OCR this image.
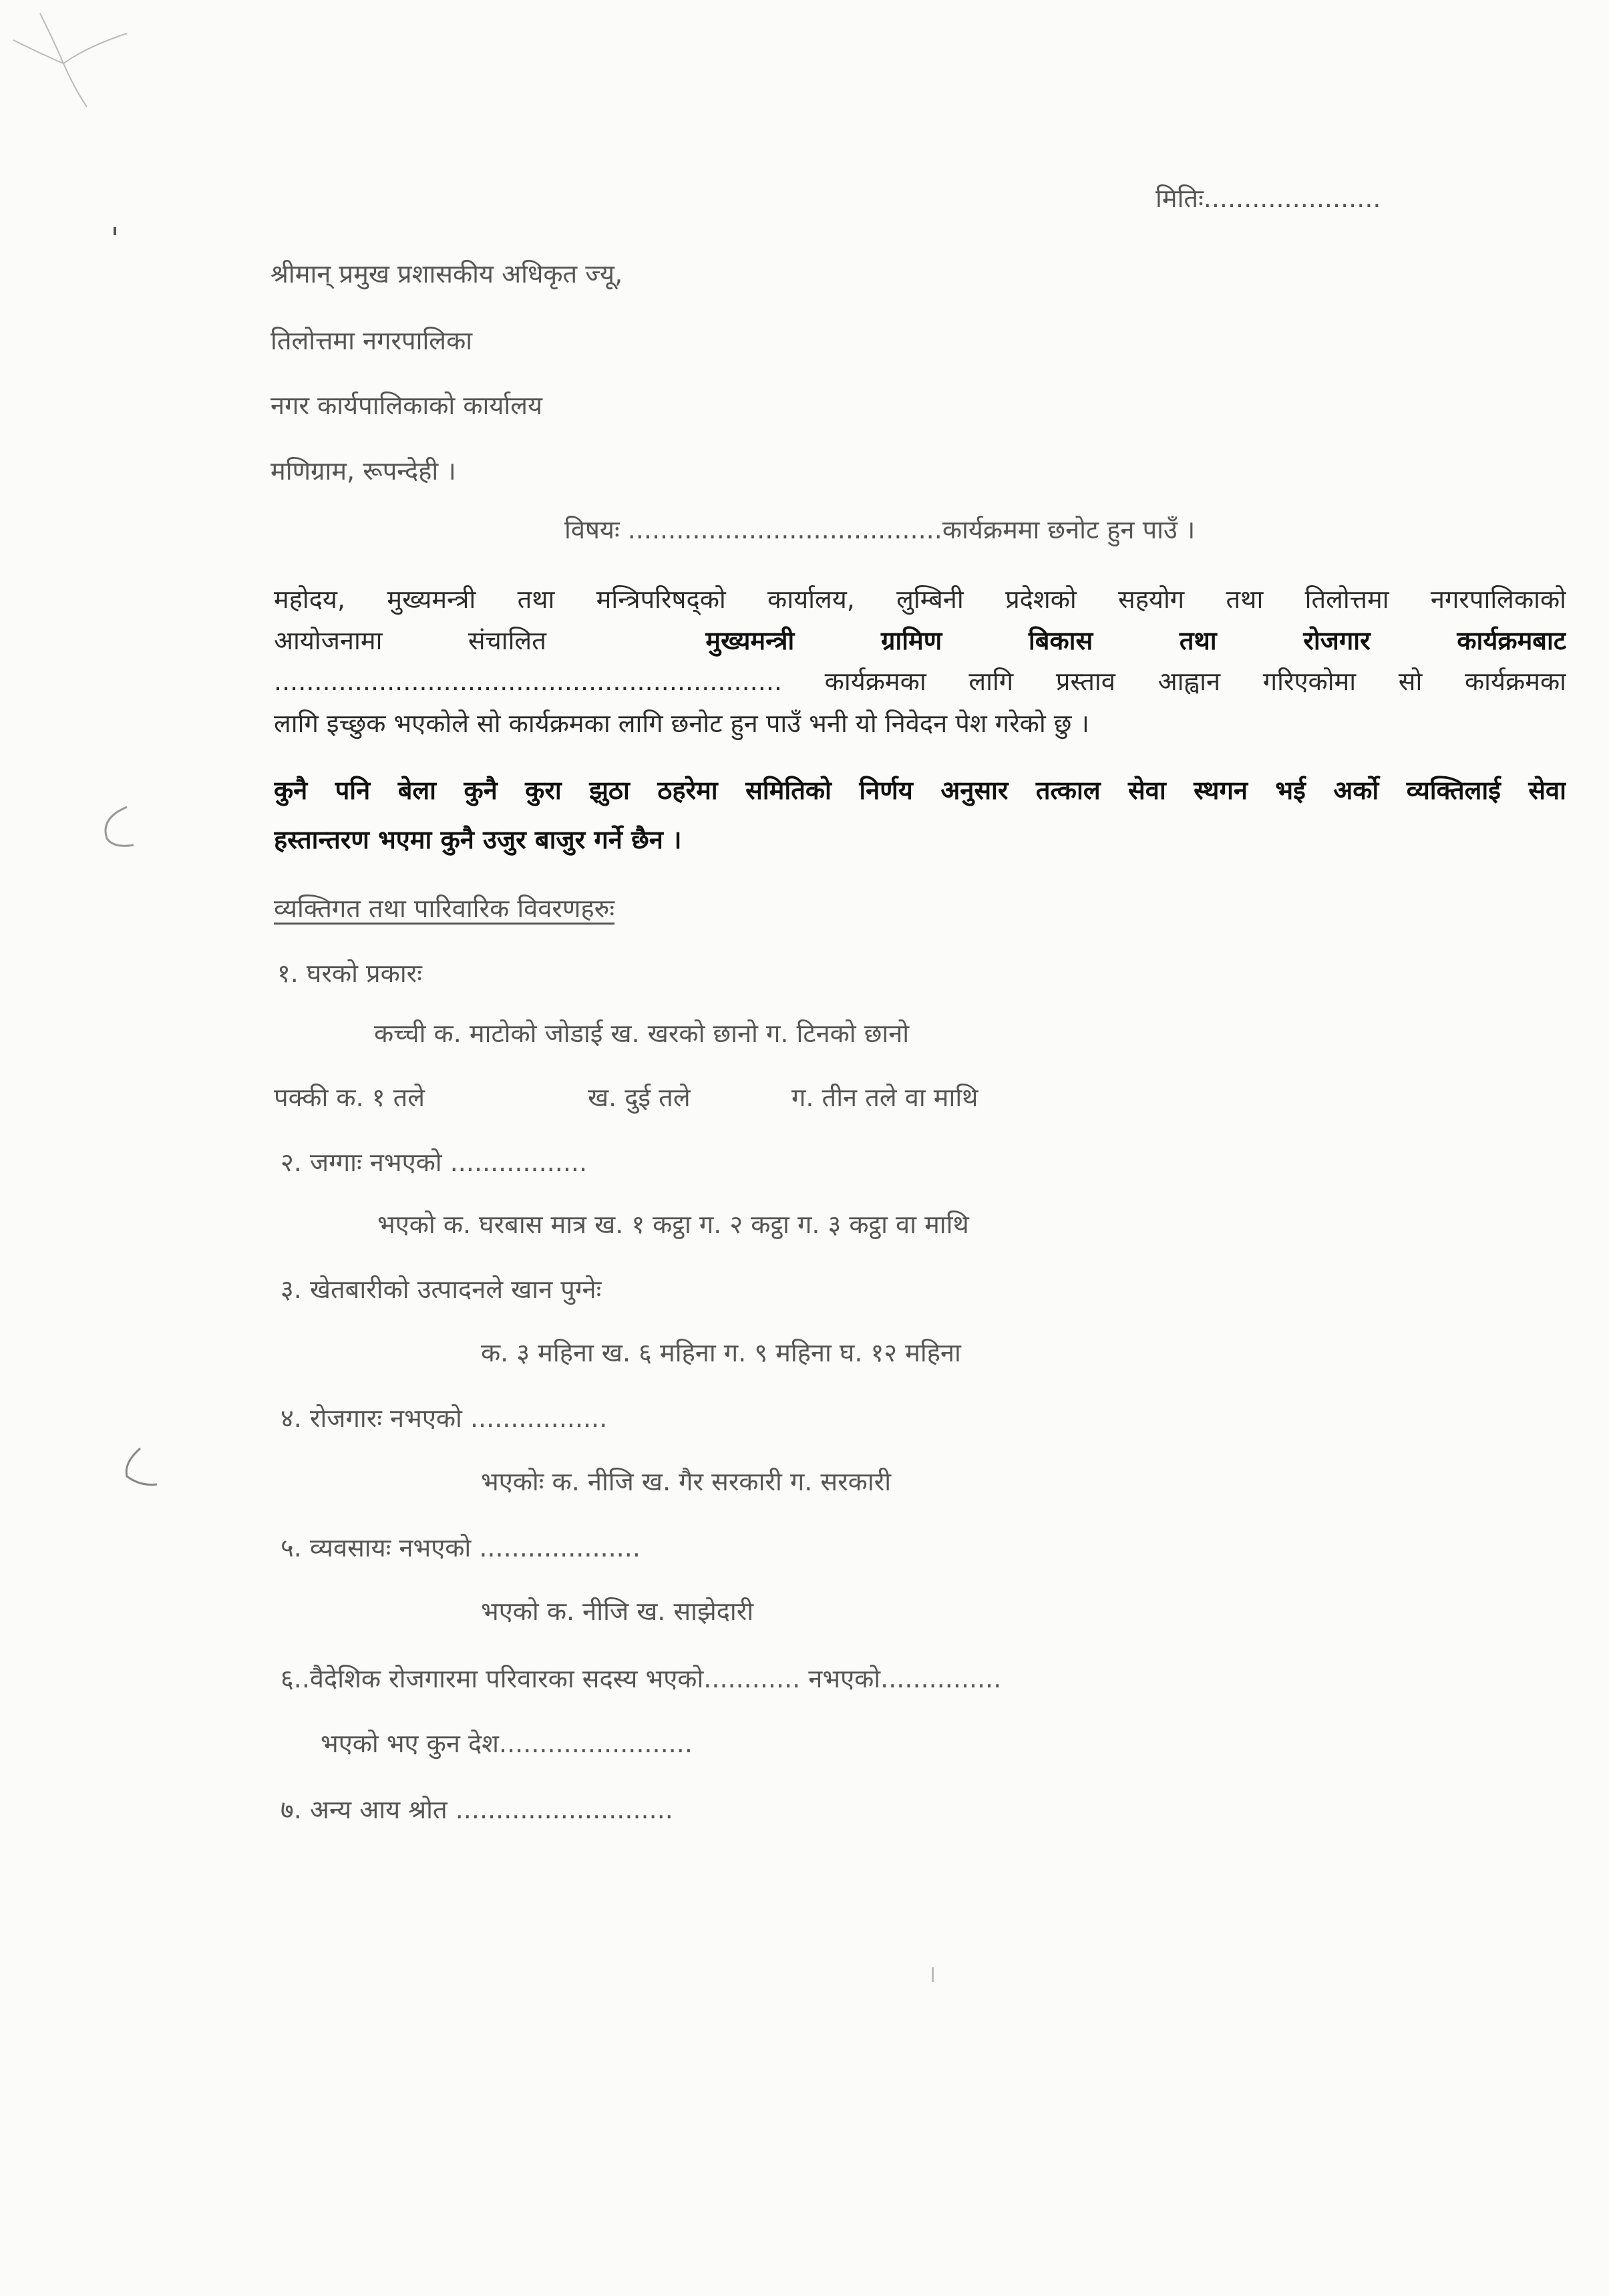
मितिः......................
श्रीमान् प्रमुख प्रशासकीय अधिकृत ज्यू,
तिलोत्तमा नगरपालिका
नगर कार्यपालिकाको कार्यालय
मणिग्राम, रूपन्देही ।
विषयः .......................................कार्यक्रममा छनोट हुन पाउँ ।
महोदय, मुख्यमन्त्री तथा मन्त्रिपरिषद्को कार्यालय, लुम्बिनी प्रदेशको सहयोग तथा तिलोत्तमा नगरपालिकाको
आयोजनामा संचालित	मुख्यमन्त्री ग्रामिण बिकास तथा रोजगार कार्यक्रमबाट
............................................................... कार्यक्रमका लागि प्रस्ताव आह्वान गरिएकोमा सो कार्यक्रमका
लागि इच्छुक भएकोले सो कार्यक्रमका लागि छनोट हुन पाउँ भनी यो निवेदन पेश गरेको छु ।
कुनै पनि बेला कुनै कुरा झुठा ठहरेमा समितिको निर्णय अनुसार तत्काल सेवा स्थगन भई अर्को व्यक्तिलाई सेवा
हस्तान्तरण भएमा कुनै उजुर बाजुर गर्ने छैन ।
व्यक्तिगत तथा पारिवारिक विवरणहरुः
१. घरको प्रकारः
कच्ची क. माटोको जोडाई ख. खरको छानो ग. टिनको छानो
पक्की क. १ तले	ख. दुई तले	ग. तीन तले वा माथि
२. जग्गाः नभएको .................
भएको क. घरबास मात्र ख. १ कट्ठा ग. २ कट्ठा ग. ३ कट्ठा वा माथि
३. खेतबारीको उत्पादनले खान पुग्नेः
क. ३ महिना ख. ६ महिना ग. ९ महिना घ. १२ महिना
४. रोजगारः नभएको .................
भएकोः क. नीजि ख. गैर सरकारी ग. सरकारी
५. व्यवसायः नभएको ....................
भएको क. नीजि ख. साझेदारी
६..वैदेशिक रोजगारमा परिवारका सदस्य भएको............ नभएको...............
भएको भए कुन देश........................
७. अन्य आय श्रोत ...........................
